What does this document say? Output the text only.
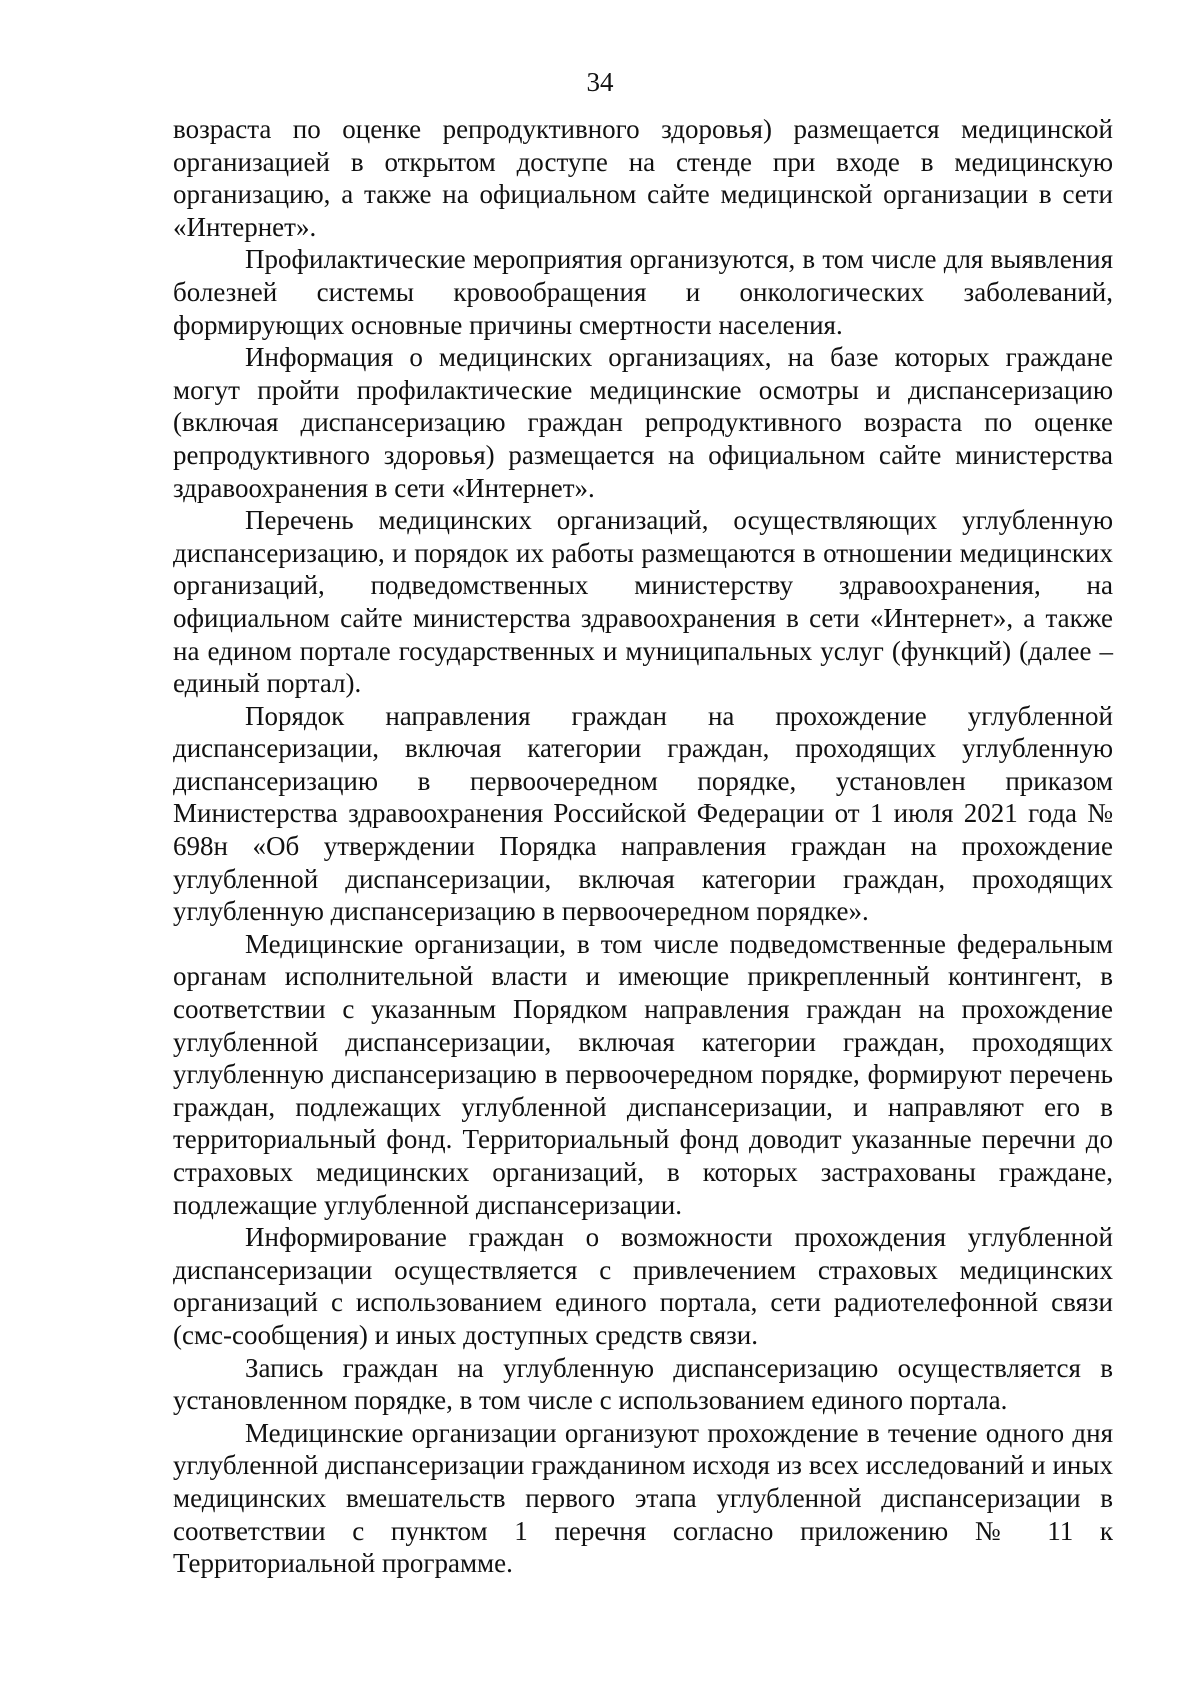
34

возраста по оценке репродуктивного здоровья) размещается медицинской организацией в открытом доступе на стенде при входе в медицинскую организацию, а также на официальном сайте медицинской организации в сети «Интернет».

Профилактические мероприятия организуются, в том числе для выявления болезней системы кровообращения и онкологических заболеваний, формирующих основные причины смертности населения.

Информация о медицинских организациях, на базе которых граждане могут пройти профилактические медицинские осмотры и диспансеризацию (включая диспансеризацию граждан репродуктивного возраста по оценке репродуктивного здоровья) размещается на официальном сайте министерства здравоохранения в сети «Интернет».

Перечень медицинских организаций, осуществляющих углубленную диспансеризацию, и порядок их работы размещаются в отношении медицинских организаций, подведомственных министерству здравоохранения, на официальном сайте министерства здравоохранения в сети «Интернет», а также на едином портале государственных и муниципальных услуг (функций) (далее – единый портал).

Порядок направления граждан на прохождение углубленной диспансеризации, включая категории граждан, проходящих углубленную диспансеризацию в первоочередном порядке, установлен приказом Министерства здравоохранения Российской Федерации от 1 июля 2021 года № 698н «Об утверждении Порядка направления граждан на прохождение углубленной диспансеризации, включая категории граждан, проходящих углубленную диспансеризацию в первоочередном порядке».

Медицинские организации, в том числе подведомственные федеральным органам исполнительной власти и имеющие прикрепленный контингент, в соответствии с указанным Порядком направления граждан на прохождение углубленной диспансеризации, включая категории граждан, проходящих углубленную диспансеризацию в первоочередном порядке, формируют перечень граждан, подлежащих углубленной диспансеризации, и направляют его в территориальный фонд. Территориальный фонд доводит указанные перечни до страховых медицинских организаций, в которых застрахованы граждане, подлежащие углубленной диспансеризации.

Информирование граждан о возможности прохождения углубленной диспансеризации осуществляется с привлечением страховых медицинских организаций с использованием единого портала, сети радиотелефонной связи (смс-сообщения) и иных доступных средств связи.

Запись граждан на углубленную диспансеризацию осуществляется в установленном порядке, в том числе с использованием единого портала.

Медицинские организации организуют прохождение в течение одного дня углубленной диспансеризации гражданином исходя из всех исследований и иных медицинских вмешательств первого этапа углубленной диспансеризации в соответствии с пунктом 1 перечня согласно приложению № 11 к Территориальной программе.
